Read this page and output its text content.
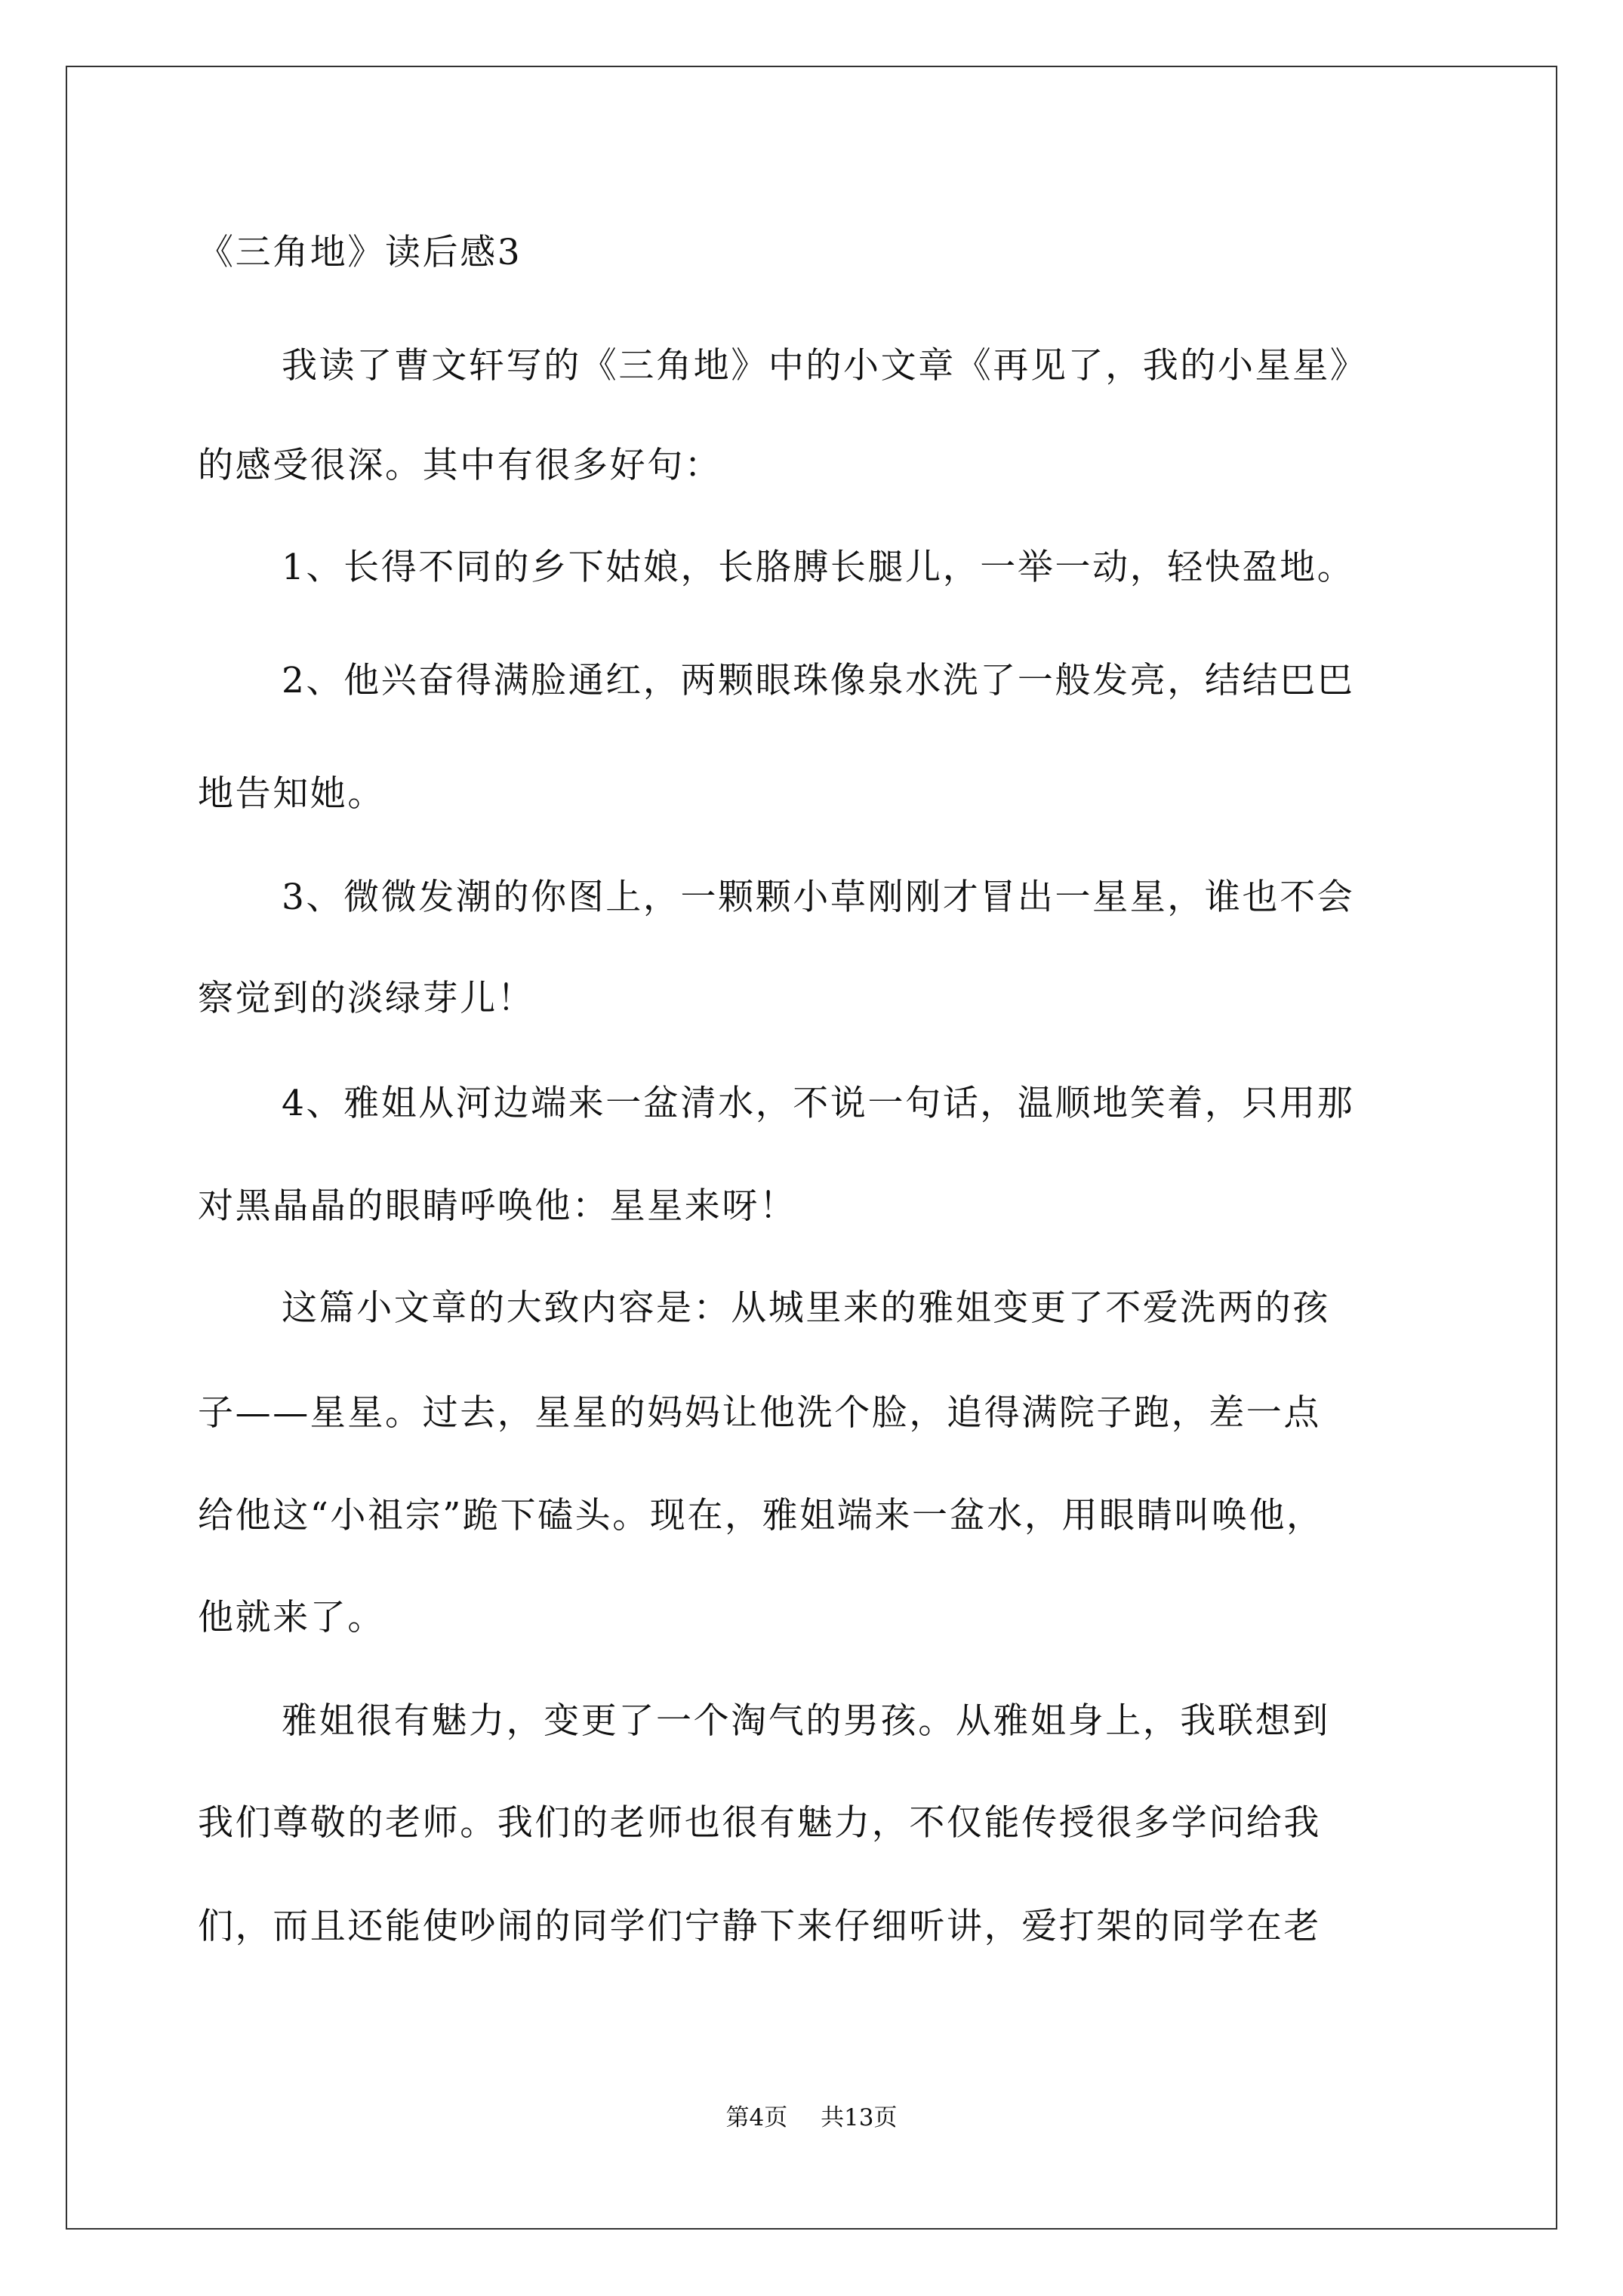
《三角地》读后感3
我读了曹文轩写的《三角地》中的小文章《再见了，我的小星星》
的感受很深。其中有很多好句：
1、长得不同的乡下姑娘，长胳膊长腿儿，一举一动，轻快盈地。
2、他兴奋得满脸通红，两颗眼珠像泉水洗了一般发亮，结结巴巴
地告知她。
3、微微发潮的你图上，一颗颗小草刚刚才冒出一星星，谁也不会
察觉到的淡绿芽儿！
4、雅姐从河边端来一盆清水，不说一句话，温顺地笑着，只用那
对黑晶晶的眼睛呼唤他：星星来呀！
这篇小文章的大致内容是：从城里来的雅姐变更了不爱洗两的孩
子——星星。过去，星星的妈妈让他洗个脸，追得满院子跑，差一点
给他这“小祖宗”跪下磕头。现在，雅姐端来一盆水，用眼睛叫唤他，
他就来了。
雅姐很有魅力，变更了一个淘气的男孩。从雅姐身上，我联想到
我们尊敬的老师。我们的老师也很有魅力，不仅能传授很多学问给我
们，而且还能使吵闹的同学们宁静下来仔细听讲，爱打架的同学在老
第4页 共13页
